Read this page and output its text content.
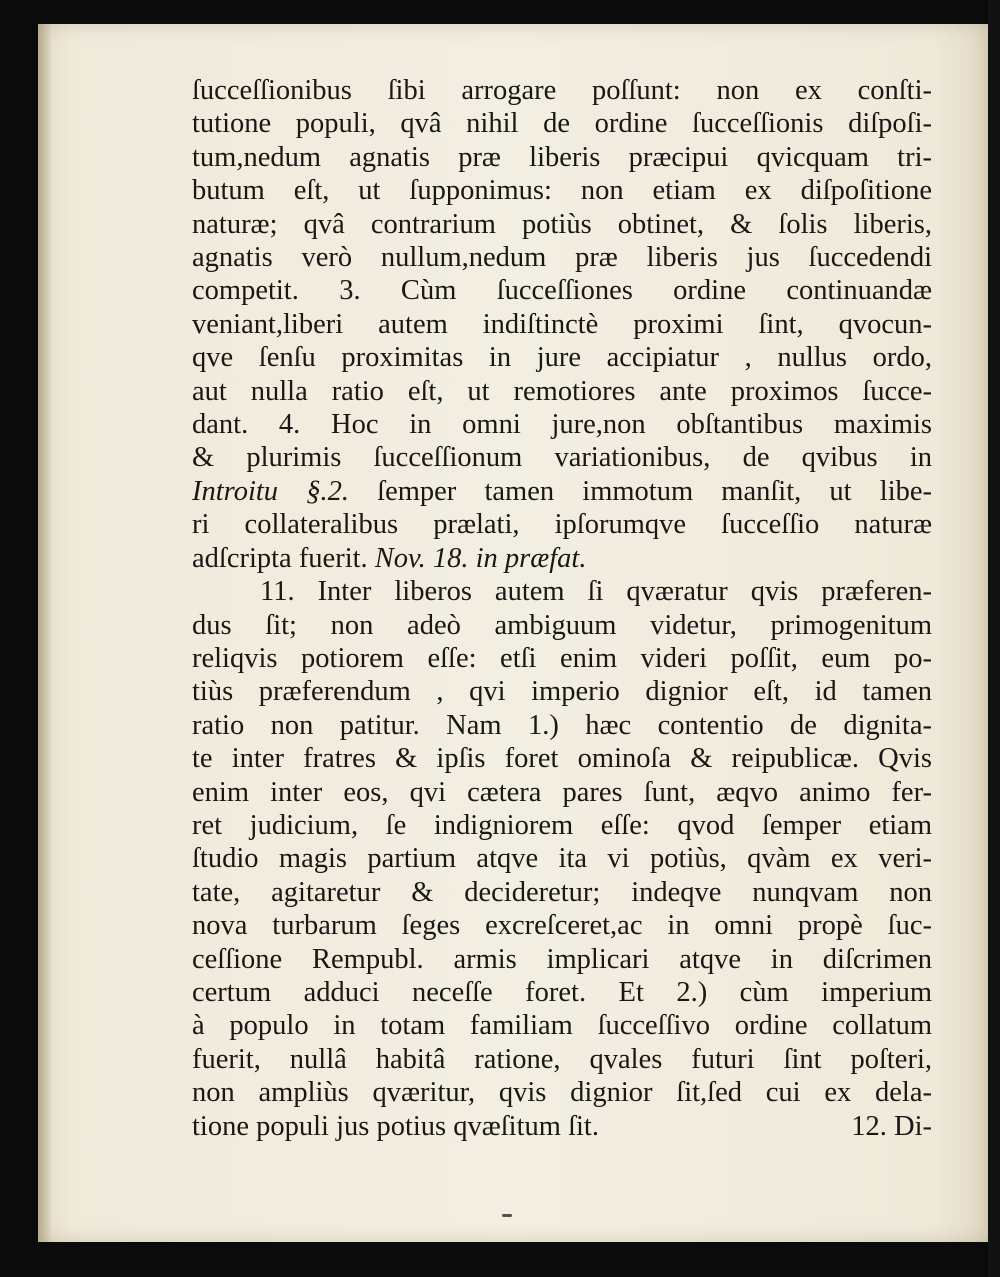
ſucceſſionibus ſibi arrogare poſſunt: non ex conſti-
tutione populi, qvâ nihil de ordine ſucceſſionis diſpoſi-
tum,nedum agnatis præ liberis præcipui qvicquam tri-
butum eſt, ut ſupponimus: non etiam ex diſpoſitione
naturæ; qvâ contrarium potiùs obtinet, & ſolis liberis,
agnatis verò nullum,nedum præ liberis jus ſuccedendi
competit. 3. Cùm ſucceſſiones ordine continuandæ
veniant,liberi autem indiſtinctè proximi ſint, qvocun-
qve ſenſu proximitas in jure accipiatur , nullus ordo,
aut nulla ratio eſt, ut remotiores ante proximos ſucce-
dant. 4. Hoc in omni jure,non obſtantibus maximis
& plurimis ſucceſſionum variationibus, de qvibus in
Introitu §.2. ſemper tamen immotum manſit, ut libe-
ri collateralibus prælati, ipſorumqve ſucceſſio naturæ
adſcripta fuerit. Nov. 18. in præfat.
11. Inter liberos autem ſi qværatur qvis præferen-
dus ſit; non adeò ambiguum videtur, primogenitum
reliqvis potiorem eſſe: etſi enim videri poſſit, eum po-
tiùs præferendum , qvi imperio dignior eſt, id tamen
ratio non patitur. Nam 1.) hæc contentio de dignita-
te inter fratres & ipſis foret ominoſa & reipublicæ. Qvis
enim inter eos, qvi cætera pares ſunt, æqvo animo fer-
ret judicium, ſe indigniorem eſſe: qvod ſemper etiam
ſtudio magis partium atqve ita vi potiùs, qvàm ex veri-
tate, agitaretur & decideretur; indeqve nunqvam non
nova turbarum ſeges excreſceret,ac in omni propè ſuc-
ceſſione Rempubl. armis implicari atqve in diſcrimen
certum adduci neceſſe foret. Et 2.) cùm imperium
à populo in totam familiam ſucceſſivo ordine collatum
fuerit, nullâ habitâ ratione, qvales futuri ſint poſteri,
non ampliùs qværitur, qvis dignior ſit,ſed cui ex dela-
tione populi jus potius qvæſitum ſit.	12. Di-
